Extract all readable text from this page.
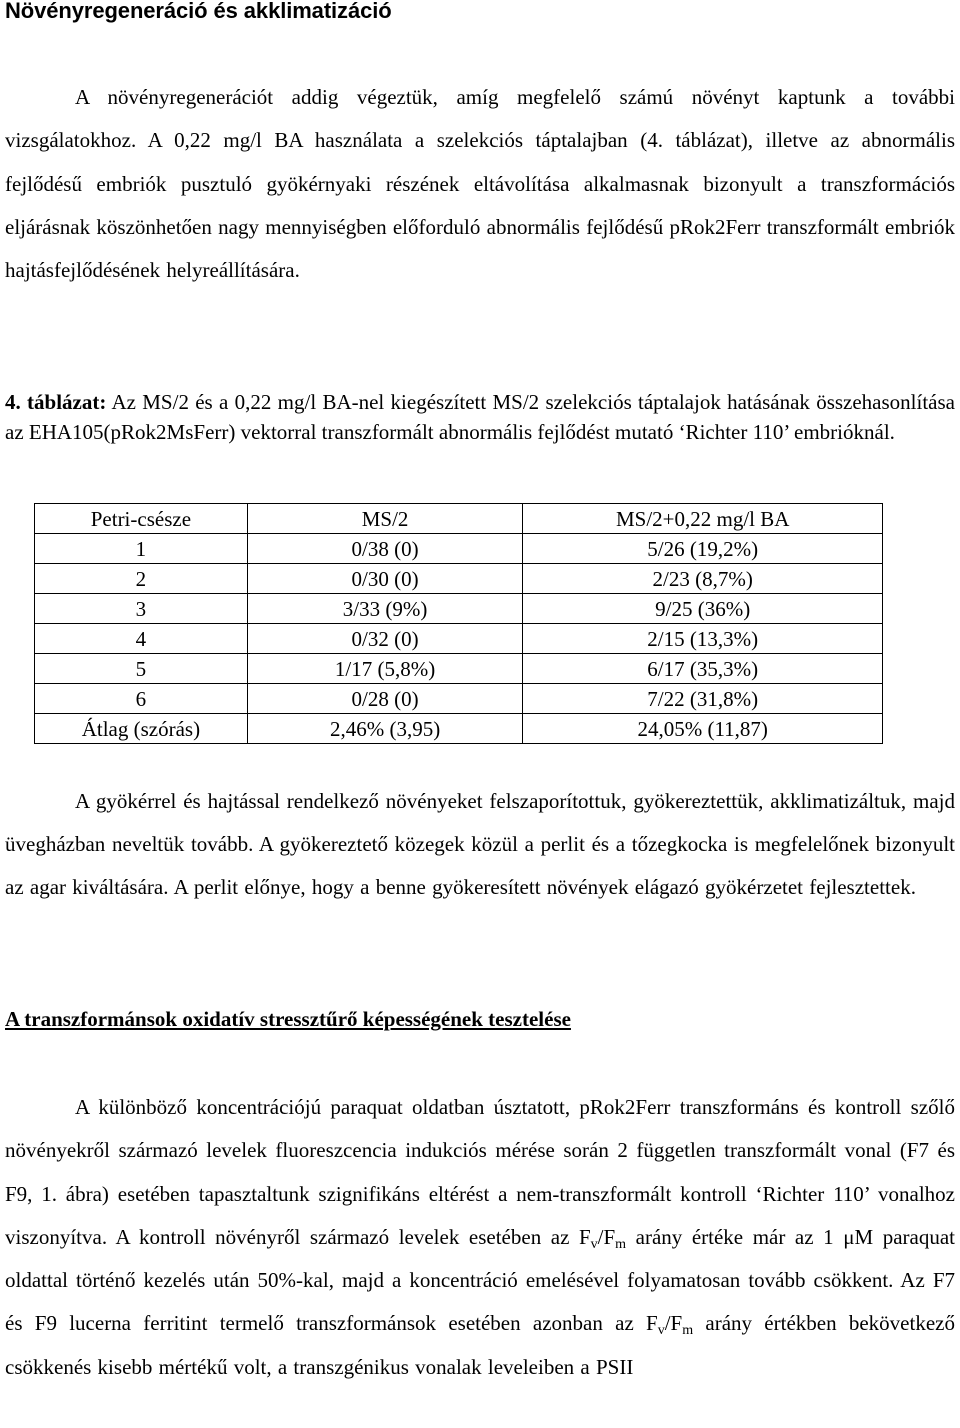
Növényregeneráció és akklimatizáció

A növényregenerációt addig végeztük, amíg megfelelő számú növényt kaptunk a további vizsgálatokhoz. A 0,22 mg/l BA használata a szelekciós táptalajban (4. táblázat), illetve az abnormális fejlődésű embriók pusztuló gyökérnyaki részének eltávolítása alkalmasnak bizonyult a transzformációs eljárásnak köszönhetően nagy mennyiségben előforduló abnormális fejlődésű pRok2Ferr transzformált embriók hajtásfejlődésének helyreállítására.

4. táblázat: Az MS/2 és a 0,22 mg/l BA-nel kiegészített MS/2 szelekciós táptalajok hatásának összehasonlítása az EHA105(pRok2MsFerr) vektorral transzformált abnormális fejlődést mutató ‘Richter 110’ embrióknál.

Petri-csésze	MS/2	MS/2+0,22 mg/l BA
1	0/38 (0)	5/26 (19,2%)
2	0/30 (0)	2/23 (8,7%)
3	3/33 (9%)	9/25 (36%)
4	0/32 (0)	2/15 (13,3%)
5	1/17 (5,8%)	6/17 (35,3%)
6	0/28 (0)	7/22 (31,8%)
Átlag (szórás)	2,46% (3,95)	24,05% (11,87)

A gyökérrel és hajtással rendelkező növényeket felszaporítottuk, gyökereztettük, akklimatizáltuk, majd üvegházban neveltük tovább. A gyökereztető közegek közül a perlit és a tőzegkocka is megfelelőnek bizonyult az agar kiváltására. A perlit előnye, hogy a benne gyökeresített növények elágazó gyökérzetet fejlesztettek.

A transzformánsok oxidatív stressztűrő képességének tesztelése

A különböző koncentrációjú paraquat oldatban úsztatott, pRok2Ferr transzformáns és kontroll szőlő növényekről származó levelek fluoreszcencia indukciós mérése során 2 független transzformált vonal (F7 és F9, 1. ábra) esetében tapasztaltunk szignifikáns eltérést a nem-transzformált kontroll ‘Richter 110’ vonalhoz viszonyítva. A kontroll növényről származó levelek esetében az $F_v/F_m$ arány értéke már az 1 μM paraquat oldattal történő kezelés után 50%-kal, majd a koncentráció emelésével folyamatosan tovább csökkent. Az F7 és F9 lucerna ferritint termelő transzformánsok esetében azonban az $F_v/F_m$ arány értékben bekövetkező csökkenés kisebb mértékű volt, a transzgénikus vonalak leveleiben a PSII
